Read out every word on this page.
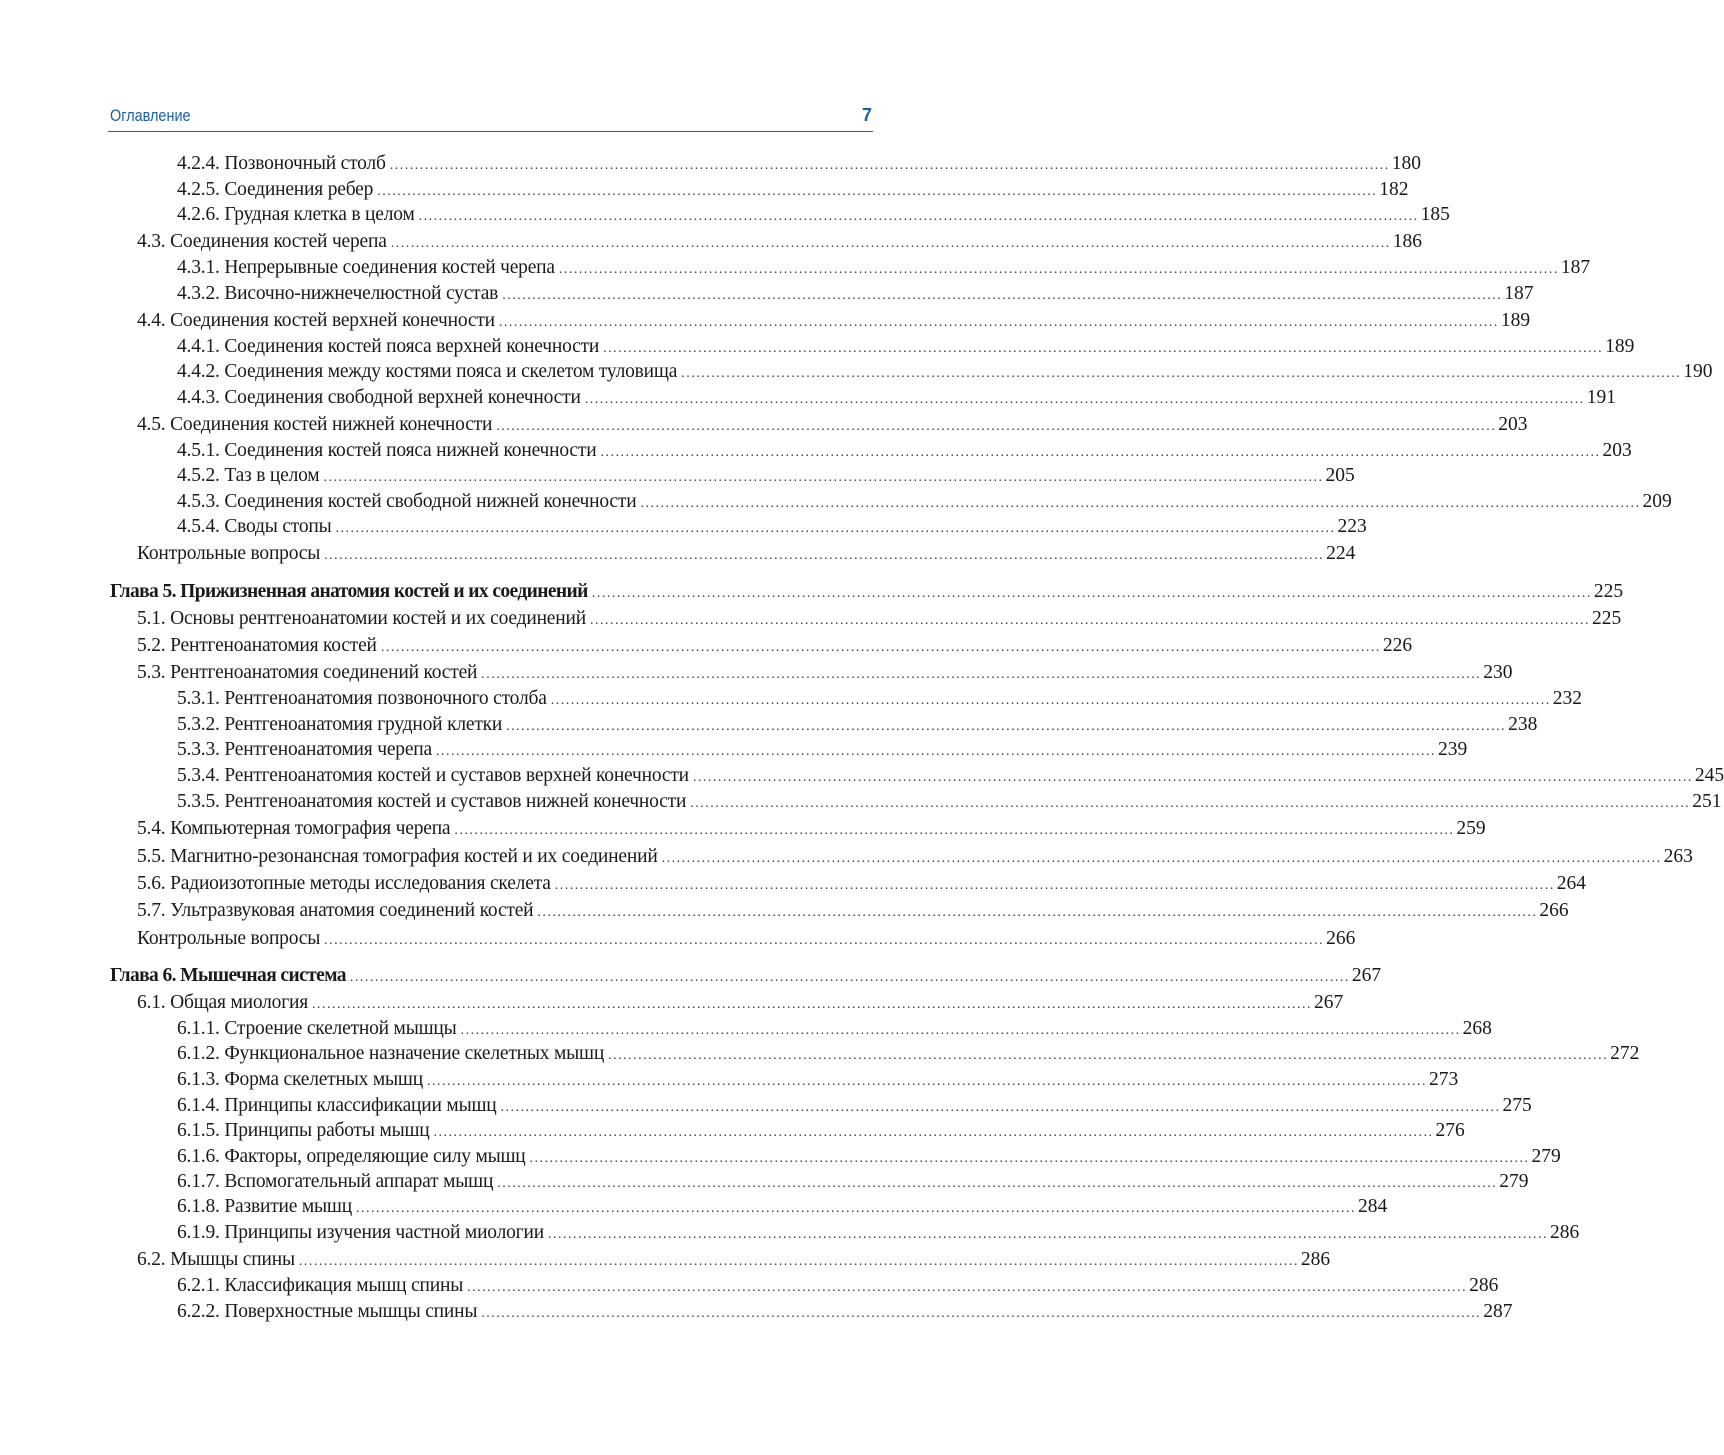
Оглавление	7
4.2.4. Позвоночный столб ........................................................................................................................................................................................................ 180
4.2.5. Соединения ребер ........................................................................................................................................................................................................ 182
4.2.6. Грудная клетка в целом ........................................................................................................................................................................................................ 185
4.3. Соединения костей черепа ........................................................................................................................................................................................................ 186
4.3.1. Непрерывные соединения костей черепа ........................................................................................................................................................................................................ 187
4.3.2. Височно-нижнечелюстной сустав ........................................................................................................................................................................................................ 187
4.4. Соединения костей верхней конечности ........................................................................................................................................................................................................ 189
4.4.1. Соединения костей пояса верхней конечности ........................................................................................................................................................................................................ 189
4.4.2. Соединения между костями пояса и скелетом туловища ........................................................................................................................................................................................................ 190
4.4.3. Соединения свободной верхней конечности ........................................................................................................................................................................................................ 191
4.5. Соединения костей нижней конечности ........................................................................................................................................................................................................ 203
4.5.1. Соединения костей пояса нижней конечности ........................................................................................................................................................................................................ 203
4.5.2. Таз в целом ........................................................................................................................................................................................................ 205
4.5.3. Соединения костей свободной нижней конечности ........................................................................................................................................................................................................ 209
4.5.4. Своды стопы ........................................................................................................................................................................................................ 223
Контрольные вопросы ........................................................................................................................................................................................................ 224
Глава 5. Прижизненная анатомия костей и их соединений ........................................................................................................................................................................................................ 225
5.1. Основы рентгеноанатомии костей и их соединений ........................................................................................................................................................................................................ 225
5.2. Рентгеноанатомия костей ........................................................................................................................................................................................................ 226
5.3. Рентгеноанатомия соединений костей ........................................................................................................................................................................................................ 230
5.3.1. Рентгеноанатомия позвоночного столба ........................................................................................................................................................................................................ 232
5.3.2. Рентгеноанатомия грудной клетки ........................................................................................................................................................................................................ 238
5.3.3. Рентгеноанатомия черепа ........................................................................................................................................................................................................ 239
5.3.4. Рентгеноанатомия костей и суставов верхней конечности ........................................................................................................................................................................................................ 245
5.3.5. Рентгеноанатомия костей и суставов нижней конечности ........................................................................................................................................................................................................ 251
5.4. Компьютерная томография черепа ........................................................................................................................................................................................................ 259
5.5. Магнитно-резонансная томография костей и их соединений ........................................................................................................................................................................................................ 263
5.6. Радиоизотопные методы исследования скелета ........................................................................................................................................................................................................ 264
5.7. Ультразвуковая анатомия соединений костей ........................................................................................................................................................................................................ 266
Контрольные вопросы ........................................................................................................................................................................................................ 266
Глава 6. Мышечная система ........................................................................................................................................................................................................ 267
6.1. Общая миология ........................................................................................................................................................................................................ 267
6.1.1. Строение скелетной мышцы ........................................................................................................................................................................................................ 268
6.1.2. Функциональное назначение скелетных мышц ........................................................................................................................................................................................................ 272
6.1.3. Форма скелетных мышц ........................................................................................................................................................................................................ 273
6.1.4. Принципы классификации мышц ........................................................................................................................................................................................................ 275
6.1.5. Принципы работы мышц ........................................................................................................................................................................................................ 276
6.1.6. Факторы, определяющие силу мышц ........................................................................................................................................................................................................ 279
6.1.7. Вспомогательный аппарат мышц ........................................................................................................................................................................................................ 279
6.1.8. Развитие мышц ........................................................................................................................................................................................................ 284
6.1.9. Принципы изучения частной миологии ........................................................................................................................................................................................................ 286
6.2. Мышцы спины ........................................................................................................................................................................................................ 286
6.2.1. Классификация мышц спины ........................................................................................................................................................................................................ 286
6.2.2. Поверхностные мышцы спины ........................................................................................................................................................................................................ 287
